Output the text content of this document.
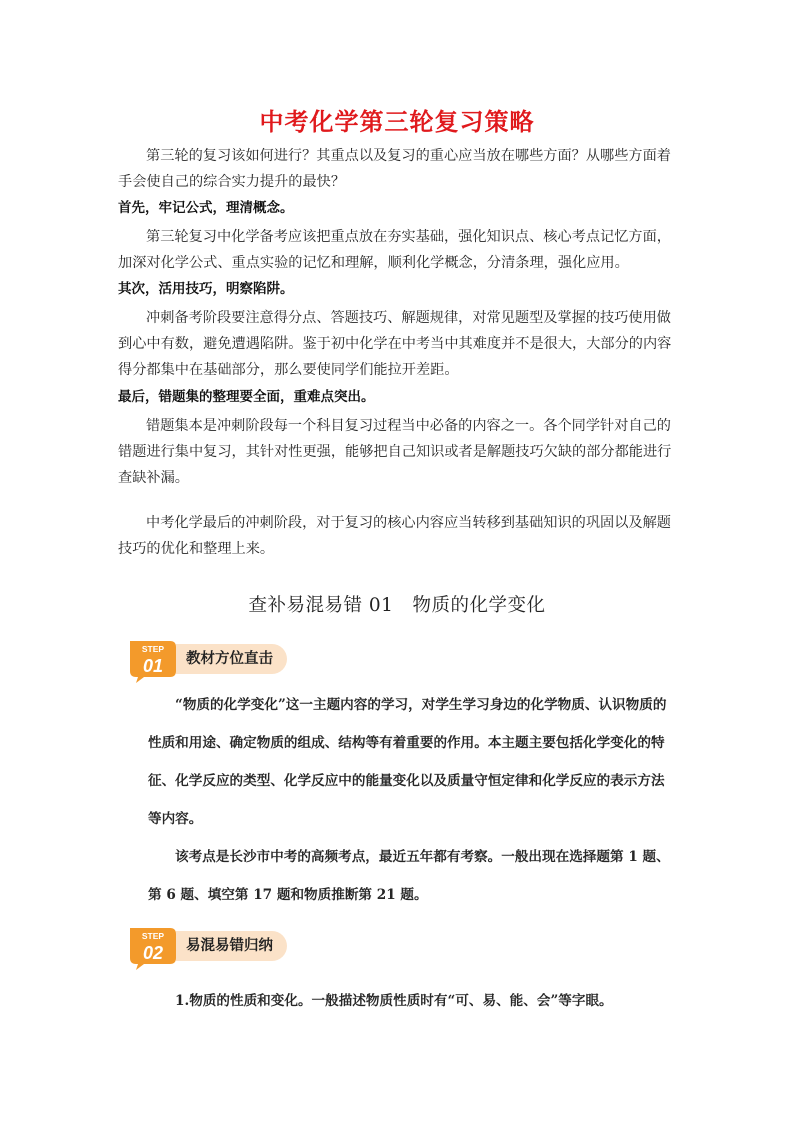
中考化学第三轮复习策略
第三轮的复习该如何进行？其重点以及复习的重心应当放在哪些方面？从哪些方面着手会使自己的综合实力提升的最快？
首先，牢记公式，理清概念。
第三轮复习中化学备考应该把重点放在夯实基础，强化知识点、核心考点记忆方面，加深对化学公式、重点实验的记忆和理解，顺利化学概念，分清条理，强化应用。
其次，活用技巧，明察陷阱。
冲刺备考阶段要注意得分点、答题技巧、解题规律，对常见题型及掌握的技巧使用做到心中有数，避免遭遇陷阱。鉴于初中化学在中考当中其难度并不是很大，大部分的内容得分都集中在基础部分，那么要使同学们能拉开差距。
最后，错题集的整理要全面，重难点突出。
错题集本是冲刺阶段每一个科目复习过程当中必备的内容之一。各个同学针对自己的错题进行集中复习，其针对性更强，能够把自己知识或者是解题技巧欠缺的部分都能进行查缺补漏。
中考化学最后的冲刺阶段，对于复习的核心内容应当转移到基础知识的巩固以及解题技巧的优化和整理上来。
查补易混易错 01　物质的化学变化
STEP
01	教材方位直击
“物质的化学变化”这一主题内容的学习，对学生学习身边的化学物质、认识物质的性质和用途、确定物质的组成、结构等有着重要的作用。本主题主要包括化学变化的特征、化学反应的类型、化学反应中的能量变化以及质量守恒定律和化学反应的表示方法等内容。
该考点是长沙市中考的高频考点，最近五年都有考察。一般出现在选择题第 1 题、第 6 题、填空第 17 题和物质推断第 21 题。
STEP
02	易混易错归纳
1.物质的性质和变化。一般描述物质性质时有“可、易、能、会”等字眼。
